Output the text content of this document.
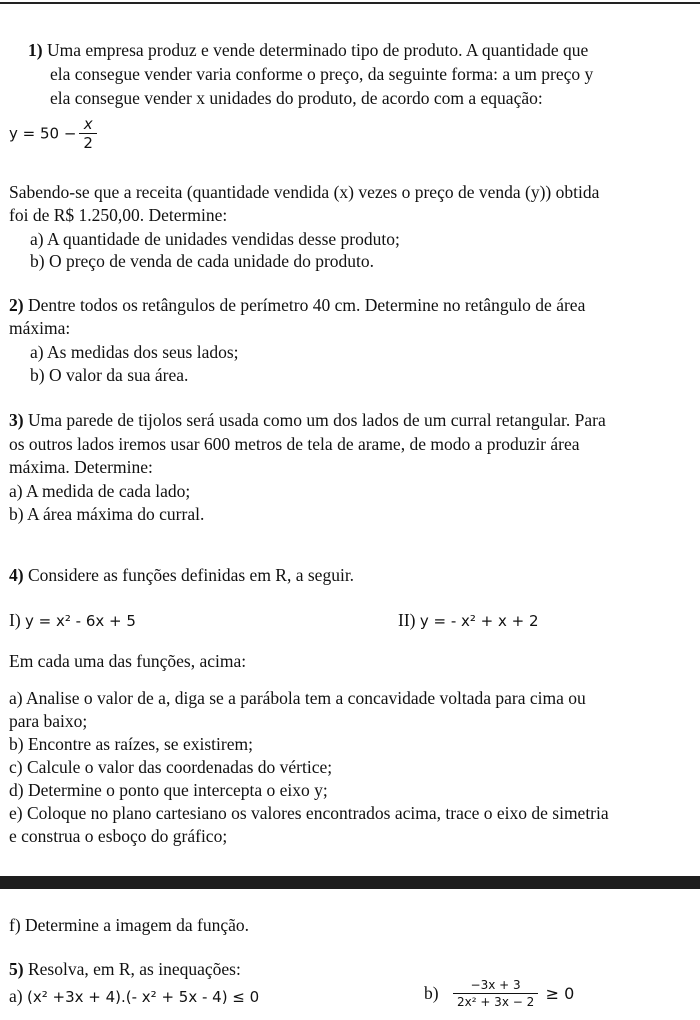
1) Uma empresa produz e vende determinado tipo de produto. A quantidade que
ela consegue vender varia conforme o preço, da seguinte forma: a um preço y
ela consegue vender x unidades do produto, de acordo com a equação:
$y = 50 - \frac{x}{2}$
Sabendo-se que a receita (quantidade vendida (x) vezes o preço de venda (y)) obtida
foi de R$ 1.250,00. Determine:
a) A quantidade de unidades vendidas desse produto;
b) O preço de venda de cada unidade do produto.
2) Dentre todos os retângulos de perímetro 40 cm. Determine no retângulo de área
máxima:
a) As medidas dos seus lados;
b) O valor da sua área.
3) Uma parede de tijolos será usada como um dos lados de um curral retangular. Para
os outros lados iremos usar 600 metros de tela de arame, de modo a produzir área
máxima. Determine:
a) A medida de cada lado;
b) A área máxima do curral.
4) Considere as funções definidas em R, a seguir.
I) y = x² - 6x + 5	II) y = - x² + x + 2
Em cada uma das funções, acima:
a) Analise o valor de a, diga se a parábola tem a concavidade voltada para cima ou
para baixo;
b) Encontre as raízes, se existirem;
c) Calcule o valor das coordenadas do vértice;
d) Determine o ponto que intercepta o eixo y;
e) Coloque no plano cartesiano os valores encontrados acima, trace o eixo de simetria
e construa o esboço do gráfico;
f) Determine a imagem da função.
5) Resolva, em R, as inequações:
a) (x² +3x + 4).(- x² + 5x - 4) ≤ 0	$b) \frac{-3x + 3}{\text{2x² + 3x − 2}} \ge 0$
